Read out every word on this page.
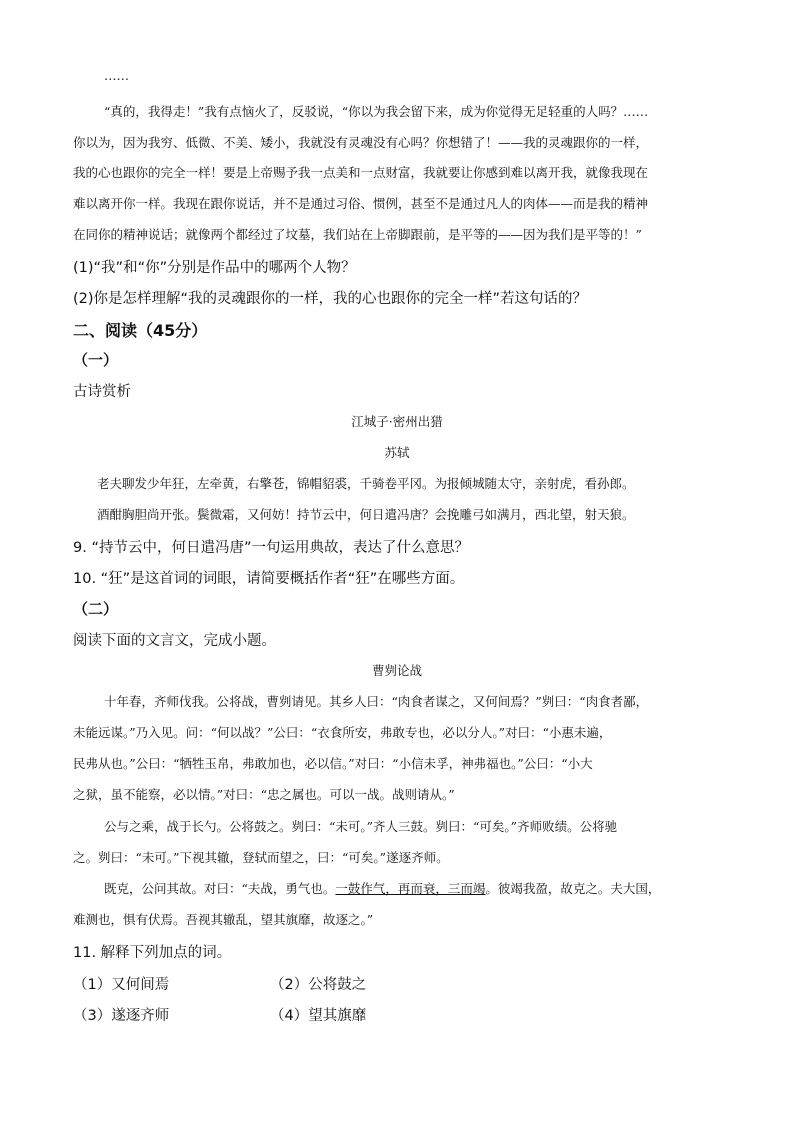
……
“真的，我得走！”我有点恼火了，反驳说，“你以为我会留下来，成为你觉得无足轻重的人吗？……
你以为，因为我穷、低微、不美、矮小，我就没有灵魂没有心吗？你想错了！——我的灵魂跟你的一样，
我的心也跟你的完全一样！要是上帝赐予我一点美和一点财富，我就要让你感到难以离开我，就像我现在
难以离开你一样。我现在跟你说话，并不是通过习俗、惯例，甚至不是通过凡人的肉体——而是我的精神
在同你的精神说话；就像两个都经过了坟墓，我们站在上帝脚跟前，是平等的——因为我们是平等的！”
(1)“我”和“你”分别是作品中的哪两个人物？
(2)你是怎样理解“我的灵魂跟你的一样，我的心也跟你的完全一样”若这句话的？
二、阅读（45分）
（一）
古诗赏析
江城子·密州出猎
苏轼
老夫聊发少年狂，左牵黄，右擎苍，锦帽貂裘，千骑卷平冈。为报倾城随太守，亲射虎，看孙郎。
酒酣胸胆尚开张。鬓微霜，又何妨！持节云中，何日遣冯唐？会挽雕弓如满月，西北望，射天狼。
9. “持节云中，何日遣冯唐”一句运用典故，表达了什么意思？
10. “狂”是这首词的词眼，请简要概括作者“狂”在哪些方面。
（二）
阅读下面的文言文，完成小题。
曹刿论战
十年春，齐师伐我。公将战，曹刿请见。其乡人曰：“肉食者谋之，又何间焉？”刿曰：“肉食者鄙，
未能远谋。”乃入见。问：“何以战？”公曰：“衣食所安，弗敢专也，必以分人。”对曰：“小惠未遍，
民弗从也。”公曰：“牺牲玉帛，弗敢加也，必以信。”对曰：“小信未孚，神弗福也。”公曰：“小大
之狱，虽不能察，必以情。”对曰：“忠之属也。可以一战。战则请从。”
公与之乘，战于长勺。公将鼓之。刿曰：“未可。”齐人三鼓。刿曰：“可矣。”齐师败绩。公将驰
之。刿曰：“未可。”下视其辙，登轼而望之，曰：“可矣。”遂逐齐师。
既克，公问其故。对曰：“夫战，勇气也。一鼓作气，再而衰，三而竭。彼竭我盈，故克之。夫大国，
难测也，惧有伏焉。吾视其辙乱，望其旗靡，故逐之。”
11. 解释下列加点的词。
（1）又何间焉	（2）公将鼓之
（3）遂逐齐师	（4）望其旗靡
